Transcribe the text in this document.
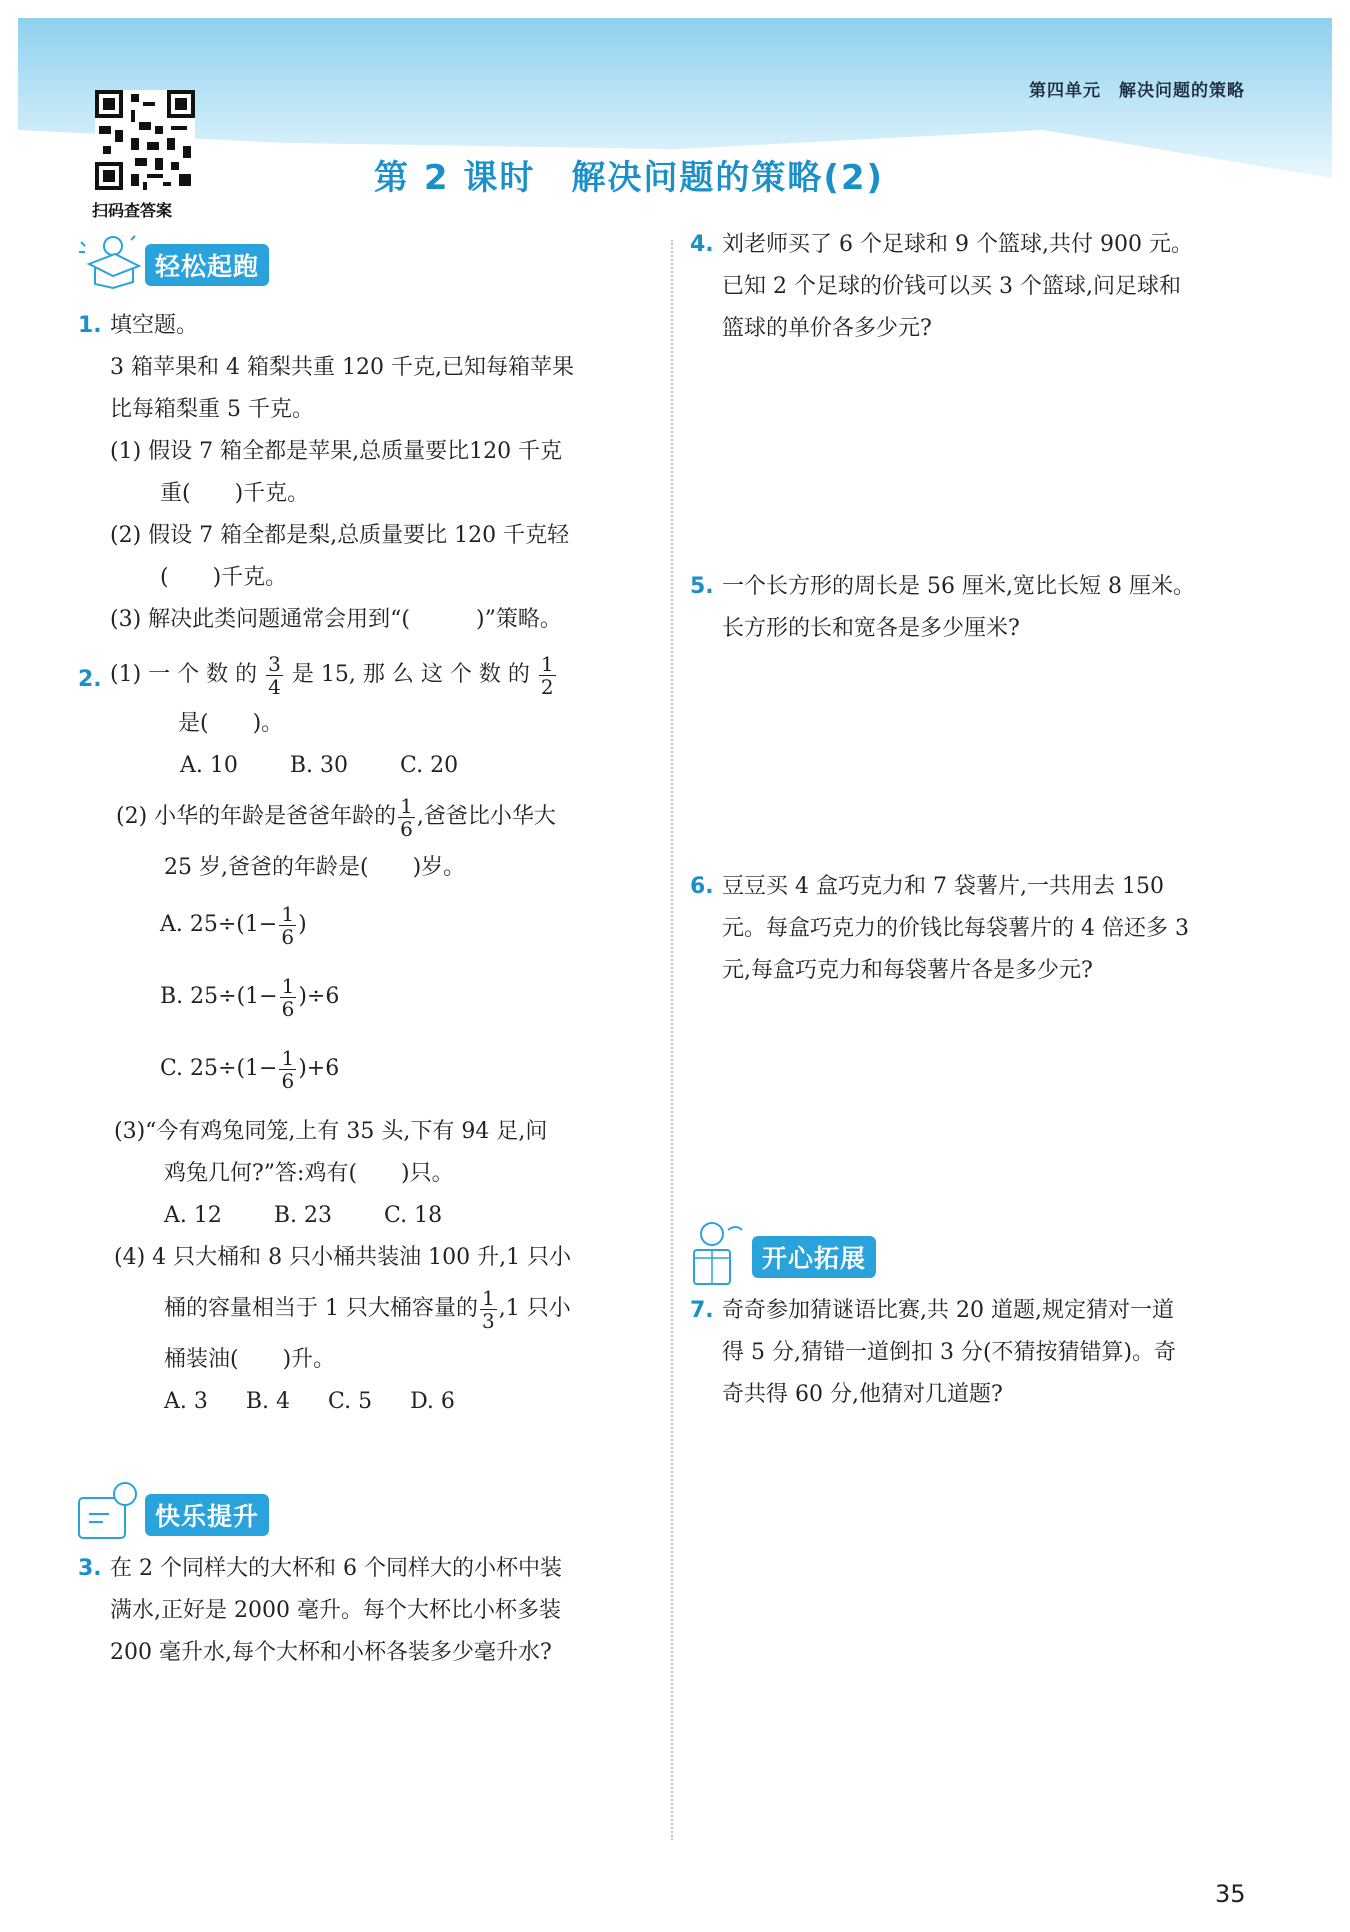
第四单元　 解决问题的策略
扫码查答案
第 2 课时　解决问题的策略(2)
轻松起跑
1. 填空题。
3 箱苹果和 4 箱梨共重 120 千克,已知每箱苹果
比每箱梨重 5 千克。
(1) 假设 7 箱全都是苹果,总质量要比120 千克
重(　　)千克。
(2) 假设 7 箱全都是梨,总质量要比 120 千克轻
(　　)千克。
(3) 解决此类问题通常会用到“(　　　)”策略。
2. (1) 一 个 数 的 $\frac{3}{4}$ 是 15, 那 么 这 个 数 的 $\frac{1}{2}$
是(　　)。
A. 10 B. 30 C. 20
(2) 小华的年龄是爸爸年龄的 $\frac{1}{6}$ ,爸爸比小华大
25 岁,爸爸的年龄是(　　)岁。
A. $25\div(1- \frac{1}{6}$ )
B. $25\div(1- \frac{1}{6} )\div 6$
C. $25\div(1- \frac{1}{6} )+6$
(3)“今有鸡兔同笼,上有 35 头,下有 94 足,问
鸡兔几何?”答:鸡有(　　)只。
A. 12 B. 23 C. 18
(4) 4 只大桶和 8 只小桶共装油 100 升,1 只小
桶的容量相当于 1 只大桶容量的 $\frac{1}{3} ,1$ 只小
桶装油(　　)升。
A. 3 B. 4 C. 5 D. 6
快乐提升
3. 在 2 个同样大的大杯和 6 个同样大的小杯中装
满水,正好是 2000 毫升。每个大杯比小杯多装
200 毫升水,每个大杯和小杯各装多少毫升水?
4. 刘老师买了 6 个足球和 9 个篮球,共付 900 元。
已知 2 个足球的价钱可以买 3 个篮球,问足球和
篮球的单价各多少元?
5. 一个长方形的周长是 56 厘米,宽比长短 8 厘米。
长方形的长和宽各是多少厘米?
6. 豆豆买 4 盒巧克力和 7 袋薯片,一共用去 150
元。每盒巧克力的价钱比每袋薯片的 4 倍还多 3
元,每盒巧克力和每袋薯片各是多少元?
开心拓展
7. 奇奇参加猜谜语比赛,共 20 道题,规定猜对一道
得 5 分,猜错一道倒扣 3 分(不猜按猜错算)。奇
奇共得 60 分,他猜对几道题?
35
